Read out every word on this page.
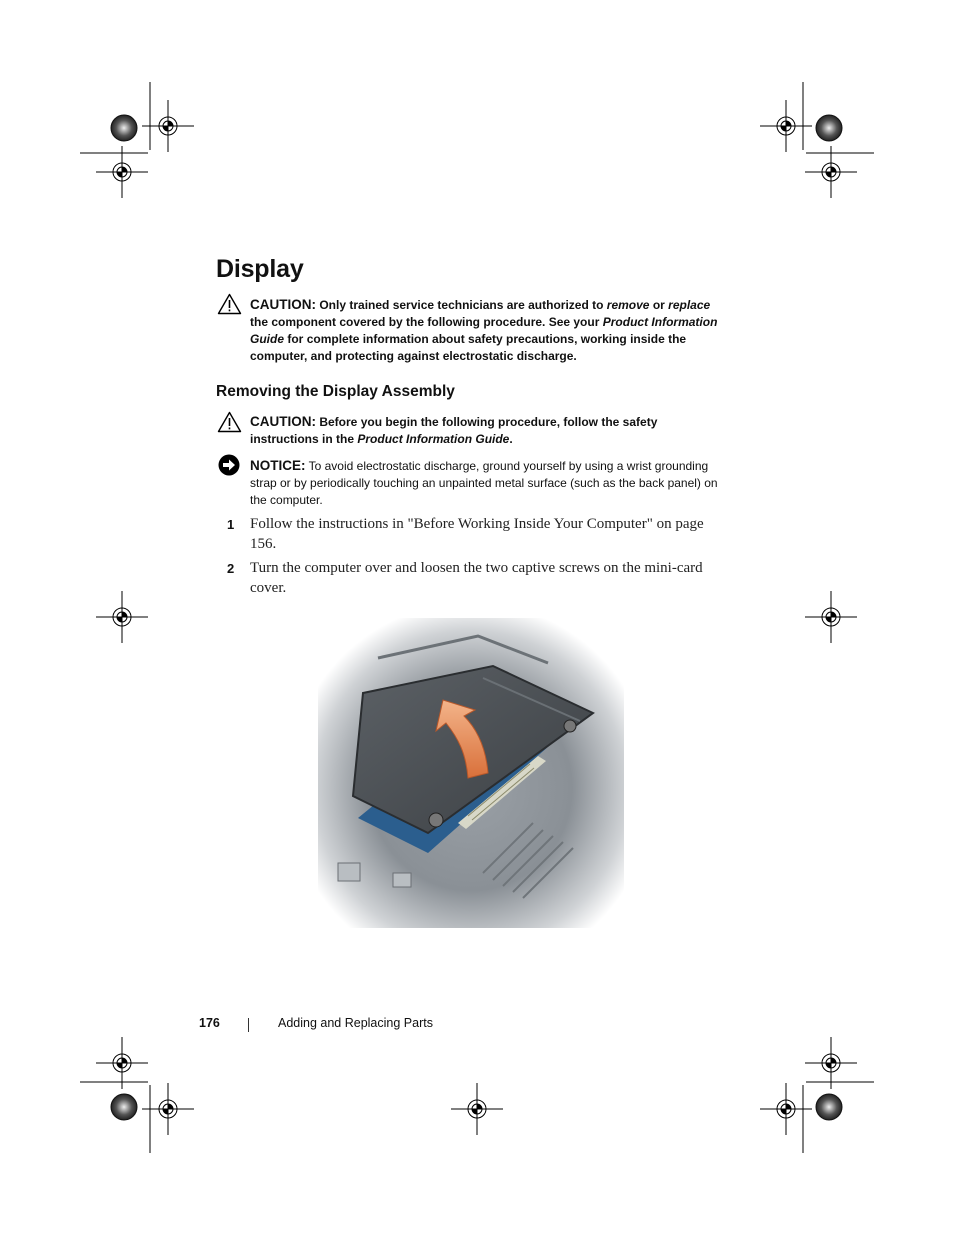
Display
CAUTION: Only trained service technicians are authorized to remove or replace the component covered by the following procedure. See your Product Information Guide for complete information about safety precautions, working inside the computer, and protecting against electrostatic discharge.
Removing the Display Assembly
CAUTION: Before you begin the following procedure, follow the safety instructions in the Product Information Guide.
NOTICE: To avoid electrostatic discharge, ground yourself by using a wrist grounding strap or by periodically touching an unpainted metal surface (such as the back panel) on the computer.
1 Follow the instructions in "Before Working Inside Your Computer" on page 156.
2 Turn the computer over and loosen the two captive screws on the mini-card cover.
176	Adding and Replacing Parts
